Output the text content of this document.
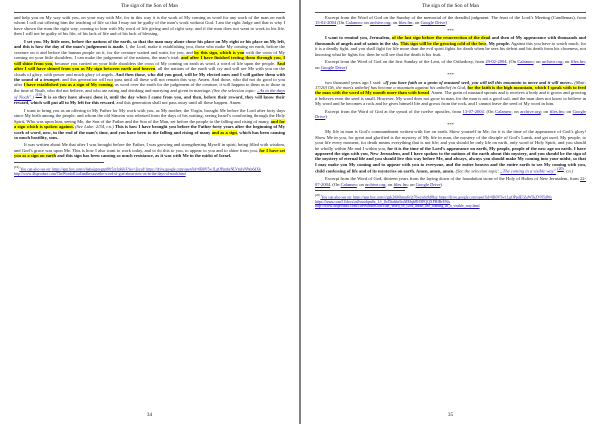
The sign of the Son of Man

and help you on My way with you, on your way with Me, for in this way it is the work of My coming as word for any work of the man on earth whom I call out offering him the teaching of life so that I may not be guilty of the man’s work without God. I am the right Judge and that is why I have shown the man the right way, coming to him with My word of life giving and of right way, and if the man does not want to work in his life, then I will not be guilty of his life, of his lack of life and of his lack of blessing.

I set you. My little ones, before the nations of the earth, so that the man may alone chose his place on My right or his place on My left, and this is how the day of the man’s judgement is made. I, the Lord, make it establishing you, those who make My coming on earth, before the creature on it and before the human people on it, for the creature waited and waits for you, and by this sign, which is you with the cross of My coming on your little shoulders, I can make the judgement of the nations, the man’s trial; and after I have finished testing them through you, I will shine from you, because you carried on your little shoulders the cross of My coming on earth as word, a word of life upon the people. And after I will have shined from you as My sign between earth and heaven, all the nations of the earth will cry and will see Me with you on the clouds of glory, with power and much glory of angels. And then those, who did you good, will be My elected ones and I will gather them with the sound of a trumpet, and this generation will not pass until all these will not remain this way. Amen. And those, who did not do good to you after I have established you as a sign of My coming, as word over the earth for the judgement of the creature, it will happen to them as to those in the time of Noah, who did not believe, and who ate eating and drinking and marrying and given in marriage. (See the selection topic: „As in the days of Noah”.) $^{(19)}$ It is so they have always done it, until the day when I came from you, and then, before their reward, they will know their reward, which will put all to My left for this reward, and this generation shall not pass away until all these happen. Amen.

I want to bring you as an offering to My Father for My work with you, as My mother, the Virgin, brought Me before the Lord after forty days since My birth among the people, and whom the old Simeon was released from the days of his waiting, seeing Israel’s comforting through the Holy Spirit, Who was upon him, seeing Me, the Son of the Father and the Son of the Man, set before the people to the falling and rising of many, and for a sign which is spoken against. (See Luke: 2/34, r.n.) This is how I have brought you before the Father forty years after the beginning of My work of word, now, in the end of the man’s time, and you have been to the falling and rising of many and as a sign, which has been causing so much hostility, sons.

It was written about Me that after I was brought before the Father, I was growing and strengthening Myself in spirit, being filled with wisdom, and God’s grace was upon Me. This is how I also want to work today, and to do this to you, to appear to you and to shine from you, for I have set you as a sign on earth and this sign has been causing so much resistance, as it was with Me in the midst of Israel.

$^{(19)}$ You can also see on: https://app.box.com/s/habaigpregzp08r5zz1phjb3?sio=2iuxd/ https://drive.google.com/open?id=0B0V5w1LgOPpnbzNLVmJyNWp6dXk http://www.4fsproduct.com/TheWordofGod/andbecausethe-word-of-god-about-now-as-in-the-days-of-noah.html
34
The sign of the Son of Man

Excerpt from the Word of God on the Sunday of the memorial of the dreadful judgment. The feast of the Lord’s Meeting (Candlemas), from 15-02-2004 (On Calameo; on archive.org; on files.fm; on Google Drive)

***

I want to remind you, Jerusalem, of the last sign before the resurrection of the dead and then of My appearance with thousands and thousands of angels and of saints in the sky. This sign will be the growing cold of the love, My people. Against this you have to watch much, for it is a deadly fight, and you shall fight for life more than the evil spirit fights for death when he sees his defeat and his death from his closeness, not knowing what he fights for; then he will see that the death is his fruit.

Excerpt from the Word of God on the first Sunday of the Lent, of the Orthodoxy, from 29-02-2004. (On Calameo; on archive.org; on files.fm; on Google Drive)

***

two thousand years ago I said: «If you have faith as a grain of mustard seed, you will tell this mountain to move and it will move». (Matt: 17/20) Oh, the man’s unbelief has become a mountain against his unbelief in God, for the faith is the high mountain, which I speak with to feed the man with the word of My mouth more than with bread. Amen. The grain of mustard sprouts and it receives a body and it grows and growing it believes even the seed is small. However, My word does not grow in man, for the man is not a good soil, and the man does not know to believe in My word and he becomes a rock and he gives himself life and grows from the rock, and I cannot leave the seed of My word in him.

Excerpt from the Word of God at the synod of the twelve apostles, from 13-07-2004. (On Calameo; on archive.org; on files.fm; on Google Drive)

***

My life in man is God’s commandment written with fire on earth. Show yourself in Me, for it is the time of the appearance of God’s glory! Show Me in you, for great and glorified is the mystery of My life in man, the mystery of the disciple of God’s Lamb, and get used, My people, to your life every moment, for death means everything that is not life; and you should be only life on earth, only word of Holy Spirit, and you should be wholly within Me and I within you, for it is the time of the Lord’s appearance on earth, My people, people of the new age on earth. I have appeared the sign with you, New Jerusalem, and I have spoken to the nations of the earth about this mystery, and you should be the sign of the mystery of eternal life and you should live this way before Me, and always, always you should make My coming into your midst, so that I may make you My coming and to appear with you to everyone, and the entire heaven and the entire earth to see My coming with you, child confessing of life and of its mysteries on earth. Amen, amen, amen. (See the selection topic: „The coming in a visible way” $^{(20)}$. r.n.)

Excerpt from the Word of God, thirteen years from the laying down of the foundation stone of the Holy of Holies of New Jerusalem, from 22-07-2004. (On Calameo; on archive.org; on files.fm; on Google Drive)

$^{(20)}$ You can also see on: https://app.box.com/s/gzk2t6l6hmu6v2t76wixrlo9d8kq/ https://drive.google.com/open?id=0B0V5w1LgOPpdE1ZaW5kZVN5dWs https://issuu.com/1f/docs/aa5vuodqm0x_1/t_1h/Diahhe5txMMqb8918PQQXPHfBrEWu http://www.4fsproduct.com/TheWordofGod/1the_Word_of_God_about_the_coming_in_a_visible_way.html
35
